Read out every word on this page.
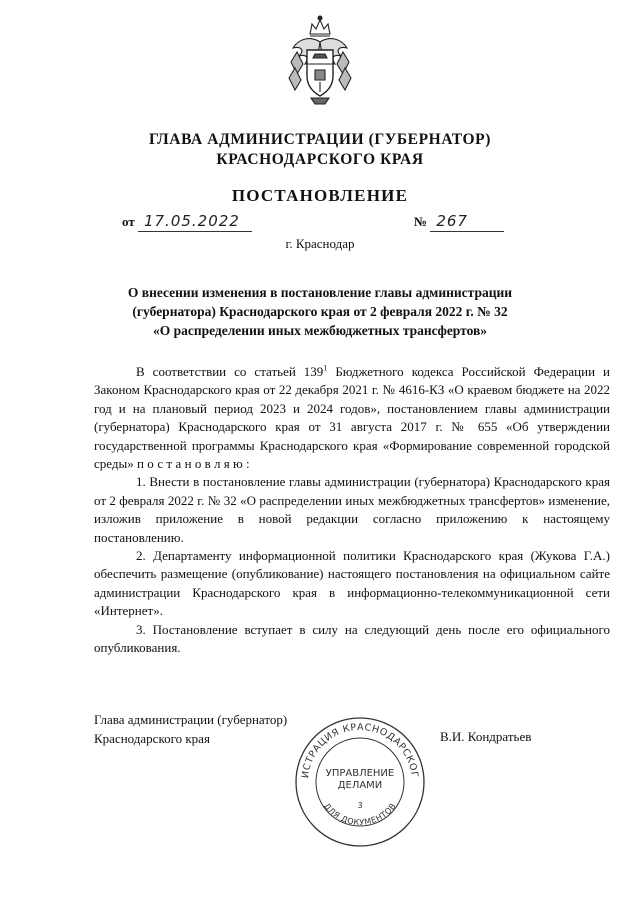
ГЛАВА АДМИНИСТРАЦИИ (ГУБЕРНАТОР)
КРАСНОДАРСКОГО КРАЯ
ПОСТАНОВЛЕНИЕ
от 17.05.2022	№ 267
г. Краснодар
О внесении изменения в постановление главы администрации
(губернатора) Краснодарского края от 2 февраля 2022 г. № 32
«О распределении иных межбюджетных трансфертов»

В соответствии со статьей $139^1$ Бюджетного кодекса Российской Федерации и Законом Краснодарского края от 22 декабря 2021 г. № 4616-КЗ «О краевом бюджете на 2022 год и на плановый период 2023 и 2024 годов», постановлением главы администрации (губернатора) Краснодарского края от 31 августа 2017 г. № 655 «Об утверждении государственной программы Краснодарского края «Формирование современной городской среды» постановляю:

1. Внести в постановление главы администрации (губернатора) Краснодарского края от 2 февраля 2022 г. № 32 «О распределении иных межбюджетных трансфертов» изменение, изложив приложение в новой редакции согласно приложению к настоящему постановлению.

2. Департаменту информационной политики Краснодарского края (Жукова Г.А.) обеспечить размещение (опубликование) настоящего постановления на официальном сайте администрации Краснодарского края в информационно-телекоммуникационной сети «Интернет».

3. Постановление вступает в силу на следующий день после его официального опубликования.

Глава администрации (губернатор)
Краснодарского края	В.И. Кондратьев
ИСТРАЦИЯ КРАСНОДАРСКОГ
ДЛЯ ДОКУМЕНТОВ
УПРАВЛЕНИЕ
ДЕЛАМИ
3
